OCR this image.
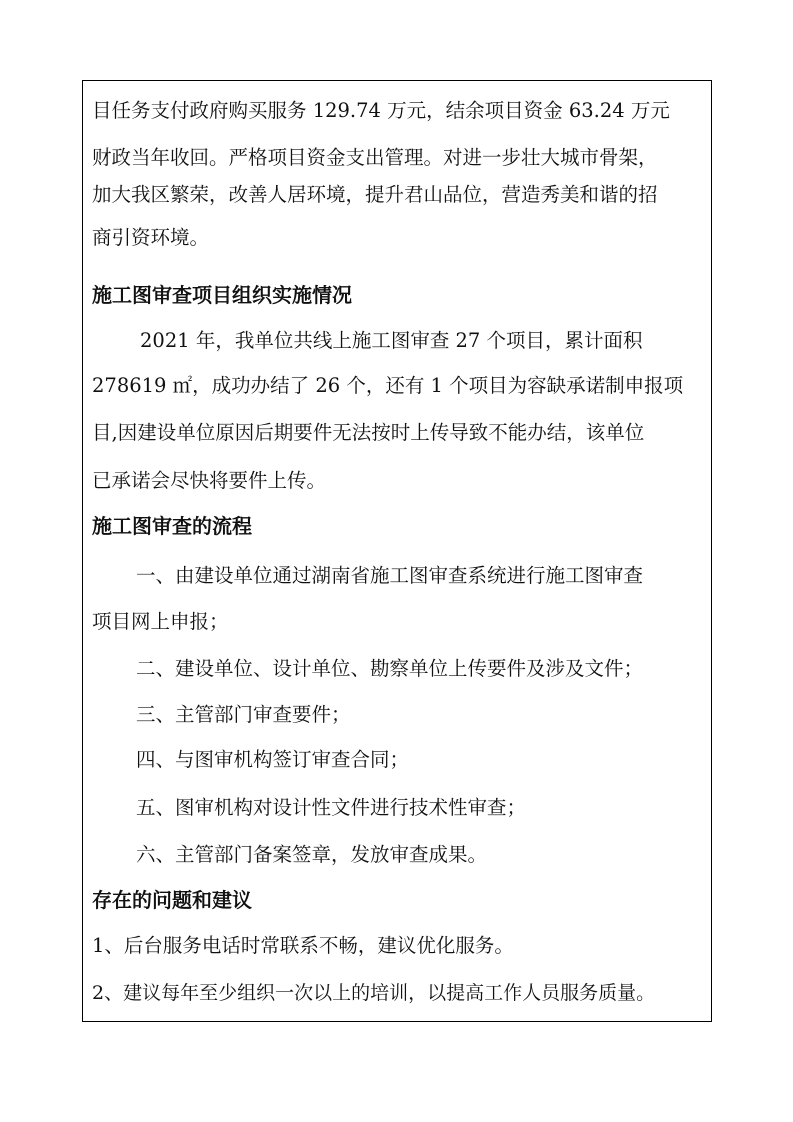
目任务支付政府购买服务 129.74 万元，结余项目资金 63.24 万元

财政当年收回。严格项目资金支出管理。对进一步壮大城市骨架，

加大我区繁荣，改善人居环境，提升君山品位，营造秀美和谐的招

商引资环境。

施工图审查项目组织实施情况

2021 年，我单位共线上施工图审查 27 个项目，累计面积

278619 ㎡，成功办结了 26 个，还有 1 个项目为容缺承诺制申报项

目,因建设单位原因后期要件无法按时上传导致不能办结，该单位

已承诺会尽快将要件上传。

施工图审查的流程

一、由建设单位通过湖南省施工图审查系统进行施工图审查

项目网上申报；

二、建设单位、设计单位、勘察单位上传要件及涉及文件；

三、主管部门审查要件；

四、与图审机构签订审查合同；

五、图审机构对设计性文件进行技术性审查；

六、主管部门备案签章，发放审查成果。

存在的问题和建议

1、后台服务电话时常联系不畅，建议优化服务。

2、建议每年至少组织一次以上的培训，以提高工作人员服务质量。
